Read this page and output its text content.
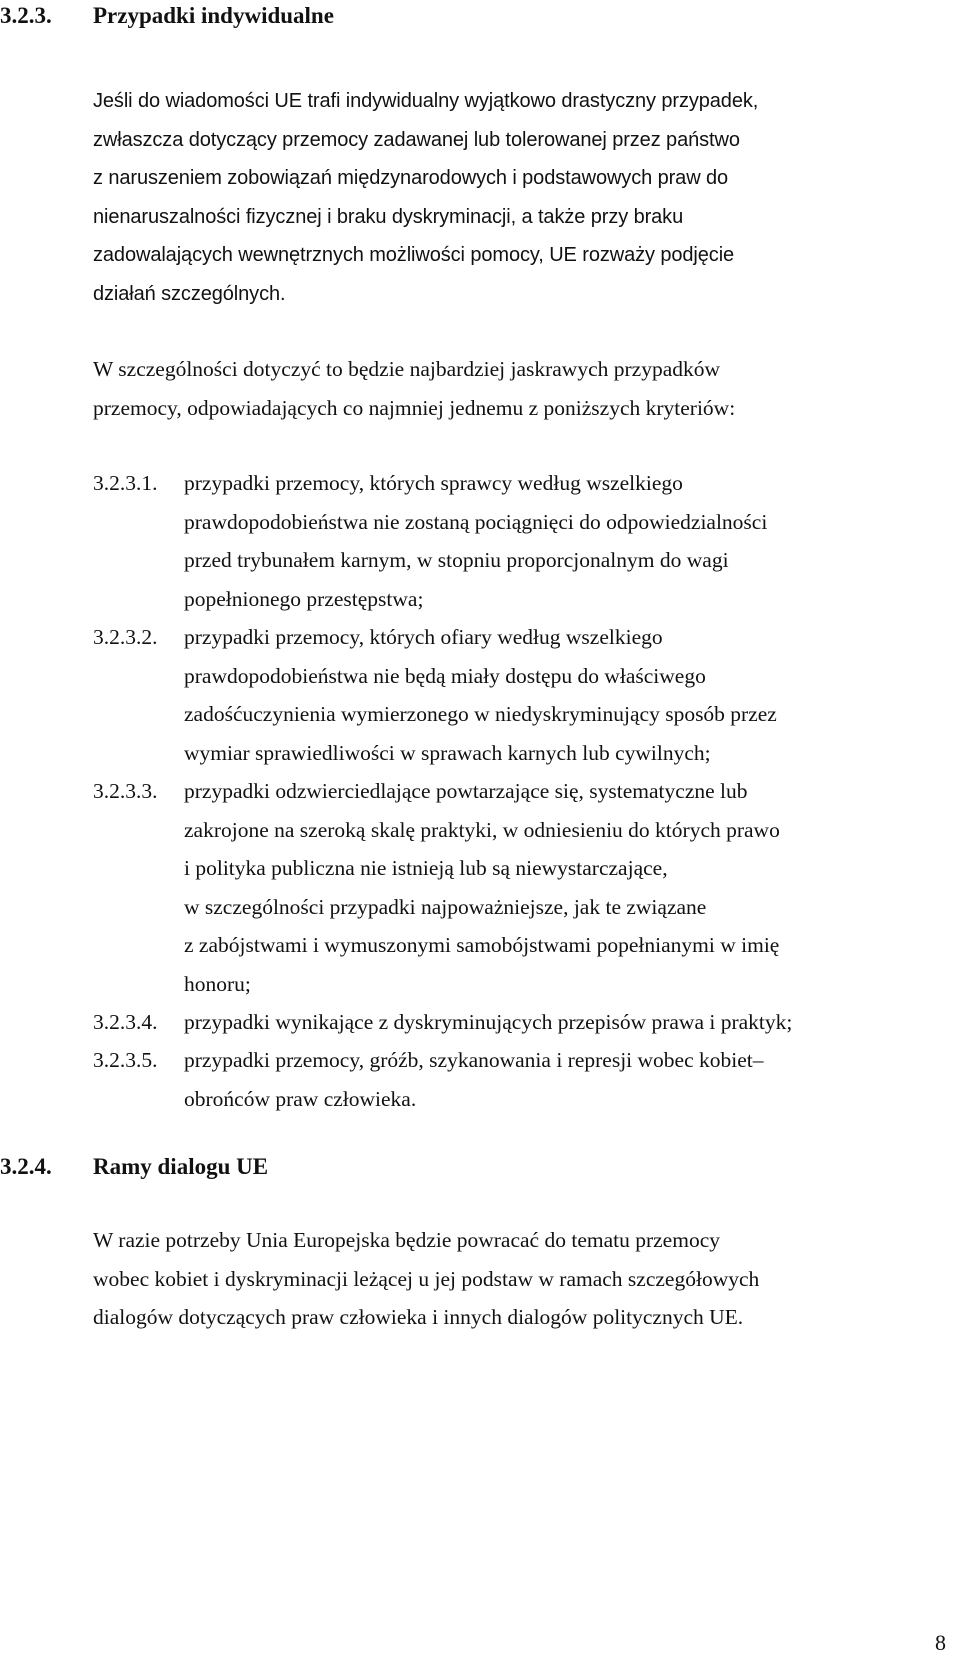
3.2.3. Przypadki indywidualne

Jeśli do wiadomości UE trafi indywidualny wyjątkowo drastyczny przypadek,

zwłaszcza dotyczący przemocy zadawanej lub tolerowanej przez państwo

z naruszeniem zobowiązań międzynarodowych i podstawowych praw do

nienaruszalności fizycznej i braku dyskryminacji, a także przy braku

zadowalających wewnętrznych możliwości pomocy, UE rozważy podjęcie

działań szczególnych.

W szczególności dotyczyć to będzie najbardziej jaskrawych przypadków

przemocy, odpowiadających co najmniej jednemu z poniższych kryteriów:

3.2.3.1.	przypadki przemocy, których sprawcy według wszelkiego
prawdopodobieństwa nie zostaną pociągnięci do odpowiedzialności
przed trybunałem karnym, w stopniu proporcjonalnym do wagi
popełnionego przestępstwa;
3.2.3.2.	przypadki przemocy, których ofiary według wszelkiego
prawdopodobieństwa nie będą miały dostępu do właściwego
zadośćuczynienia wymierzonego w niedyskryminujący sposób przez
wymiar sprawiedliwości w sprawach karnych lub cywilnych;
3.2.3.3.	przypadki odzwierciedlające powtarzające się, systematyczne lub
zakrojone na szeroką skalę praktyki, w odniesieniu do których prawo
i polityka publiczna nie istnieją lub są niewystarczające,
w szczególności przypadki najpoważniejsze, jak te związane
z zabójstwami i wymuszonymi samobójstwami popełnianymi w imię
honoru;
3.2.3.4.	przypadki wynikające z dyskryminujących przepisów prawa i praktyk;
3.2.3.5.	przypadki przemocy, gróźb, szykanowania i represji wobec kobiet–
obrońców praw człowieka.
3.2.4. Ramy dialogu UE

W razie potrzeby Unia Europejska będzie powracać do tematu przemocy

wobec kobiet i dyskryminacji leżącej u jej podstaw w ramach szczegółowych

dialogów dotyczących praw człowieka i innych dialogów politycznych UE.

8
